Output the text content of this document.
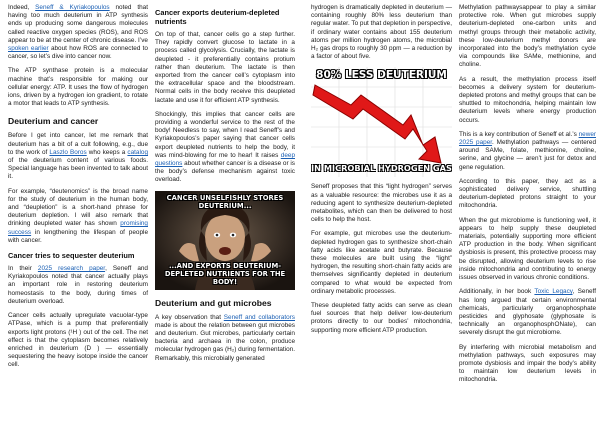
Indeed, Seneff & Kyriakopoulos noted that having too much deuterium in ATP synthesis ends up producing some dangerous molecules called reactive oxygen species (ROS), and ROS appear to be at the center of chronic disease. I’ve spoken earlier about how ROS are connected to cancer, so let’s dive into cancer now.

The ATP synthase protein is a molecular machine that’s responsible for making our cellular energy: ATP. It uses the flow of hydrogen ions, driven by a hydrogen ion gradient, to rotate a motor that leads to ATP synthesis.

Deuterium and cancer

Before I get into cancer, let me remark that deuterium has a bit of a cult following, e.g., due to the work of Laszlo Boros who keeps a catalog of the deuterium content of various foods. Special language has been invented to talk about it.

For example, “deutenomics” is the broad name for the study of deuterium in the human body, and “deupletion” is a short-hand phrase for deuterium depletion. I will also remark that drinking deupleted water has shown promising success in lengthening the lifespan of people with cancer.

Cancer tries to sequester deuterium

In their 2025 research paper, Seneff and Kyriakopoulos noted that cancer actually plays an important role in restoring deuterium homeostasis to the body, during times of deuterium overload.

Cancer cells actually upregulate vacuolar-type ATPase, which is a pump that preferentially exports light protons (¹H ) out of the cell. The net effect is that the cytoplasm becomes relatively enriched in deuterium (D ) — essentially sequestering the heavy isotope inside the cancer cell.

Cancer exports deuterium-depleted nutrients

On top of that, cancer cells go a step further. They rapidly convert glucose to lactate in a process called glycolysis. Crucially, the lactate is deupleted - it preferentially contains protium rather than deuterium. The lactate is then exported from the cancer cell’s cytoplasm into the extracellular space and the bloodstream. Normal cells in the body receive this deupleted lactate and use it for efficient ATP synthesis.

Shockingly, this implies that cancer cells are providing a wonderful service to the rest of the body! Needless to say, when I read Seneff’s and Kyriakopoulos’s paper saying that cancer cells export deupleted nutrients to help the body, it was mind-blowing for me to hear! It raises deep questions about whether cancer is a disease or is the body’s defense mechanism against toxic overload.

CANCER UNSELFISHLY STORES DEUTERIUM...
...AND EXPORTS DEUTERIUM-DEPLETED NUTRIENTS FOR THE BODY!
Deuterium and gut microbes

A key observation that Seneff and collaborators made is about the relation between gut microbes and deuterium. Gut microbes, particularly certain bacteria and archaea in the colon, produce molecular hydrogen gas (H₂) during fermentation. Remarkably, this microbially generated

hydrogen is dramatically depleted in deuterium — containing roughly 80% less deuterium than regular water. To put that depletion in perspective, if ordinary water contains about 155 deuterium atoms per million hydrogen atoms, the microbial H₂ gas drops to roughly 30 ppm — a reduction by a factor of about five.

80% LESS DEUTERIUM
IN MICROBIAL HYDROGEN GAS

Seneff proposes that this “light hydrogen” serves as a valuable resource: the microbes use it as a reducing agent to synthesize deuterium-depleted metabolites, which can then be delivered to host cells to help the host.

For example, gut microbes use the deuterium-depleted hydrogen gas to synthesize short-chain fatty acids like acetate and butyrate. Because these molecules are built using the “light” hydrogen, the resulting short-chain fatty acids are themselves significantly depleted in deuterium compared to what would be expected from ordinary metabolic processes.

These deupleted fatty acids can serve as clean fuel sources that help deliver low-deuterium protons directly to our bodies’ mitochondria, supporting more efficient ATP production.

Methylation pathwaysappear to play a similar protective role. When gut microbes supply deuterium-depleted one-carbon units and methyl groups through their metabolic activity, these low-deuterium methyl donors are incorporated into the body’s methylation cycle via compounds like SAMe, methionine, and choline.

As a result, the methylation process itself becomes a delivery system for deuterium-depleted protons and methyl groups that can be shuttled to mitochondria, helping maintain low deuterium levels where energy production occurs.

This is a key contribution of Seneff et al.’s newer 2025 paper. Methylation pathways — centered around SAMe, folate, methionine, choline, serine, and glycine — aren’t just for detox and gene regulation.

According to this paper, they act as a sophisticated delivery service, shuttling deuterium-depleted protons straight to your mitochondria.

When the gut microbiome is functioning well, it appears to help supply these deupleted materials, potentially supporting more efficient ATP production in the body. When significant dysbiosis is present, this protective process may be disrupted, allowing deuterium levels to rise inside mitochondria and contributing to energy issues observed in various chronic conditions.

Additionally, in her book Toxic Legacy, Seneff has long argued that certain environmental chemicals, particularly organophosphate pesticides and glyphosate (glyphosate is technically an organophosphONate), can severely disrupt the gut microbiome.

By interfering with microbial metabolism and methylation pathways, such exposures may promote dysbiosis and impair the body’s ability to maintain low deuterium levels in mitochondria.
